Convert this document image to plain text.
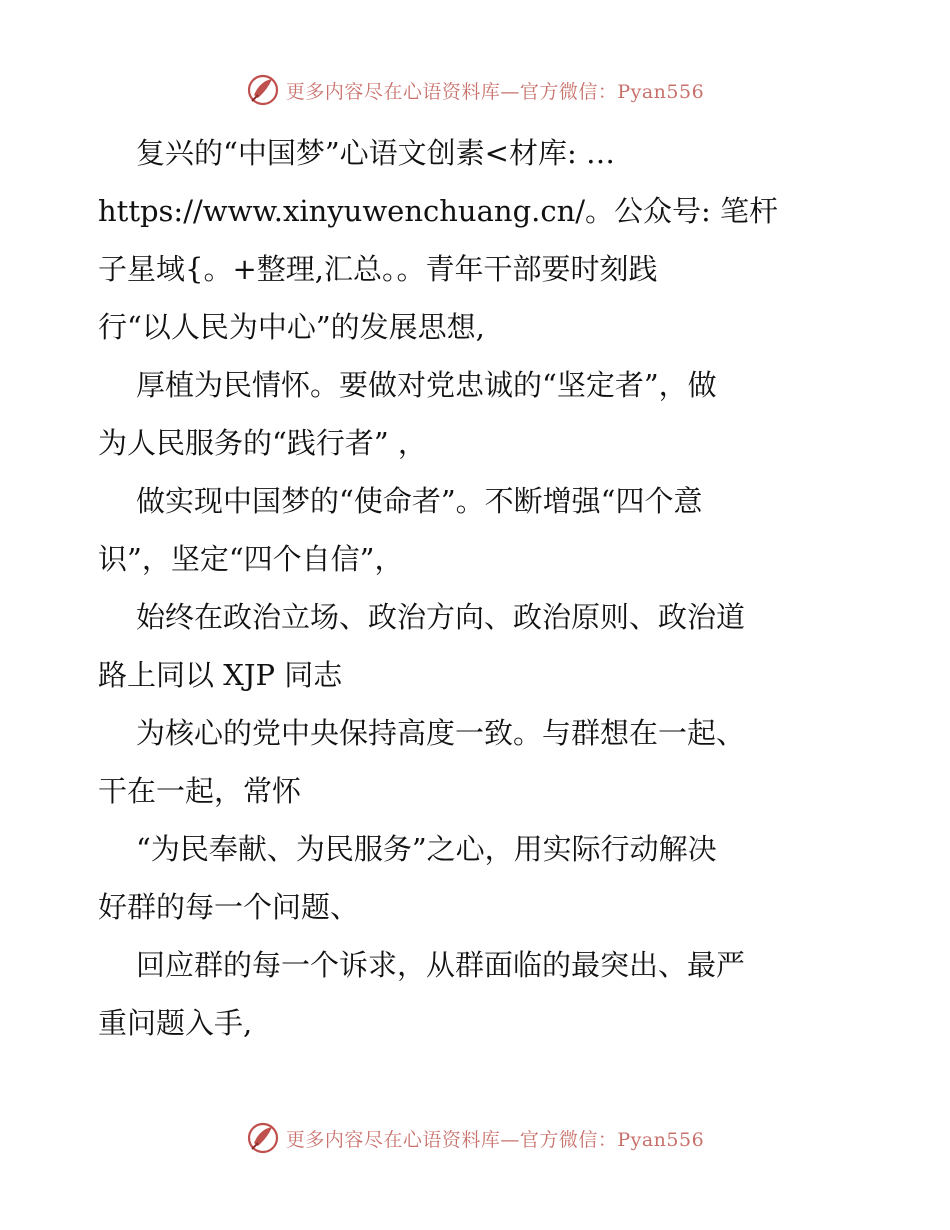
更多内容尽在心语资料库—官方微信：Pyan556
复兴的“中国梦”心语文创素<材库: …
https://www.xinyuwenchuang.cn/。公众号: 笔杆
子星域{。+整理,汇总。。青年干部要时刻践
行“以人民为中心”的发展思想,
厚植为民情怀。要做对党忠诚的“坚定者”，做
为人民服务的“践行者” ，
做实现中国梦的“使命者”。不断增强“四个意
识”，坚定“四个自信”，
始终在政治立场、政治方向、政治原则、政治道
路上同以 XJP 同志
为核心的党中央保持高度一致。与群想在一起、
干在一起，常怀
“为民奉献、为民服务”之心，用实际行动解决
好群的每一个问题、
回应群的每一个诉求，从群面临的最突出、最严
重问题入手,
更多内容尽在心语资料库—官方微信：Pyan556
